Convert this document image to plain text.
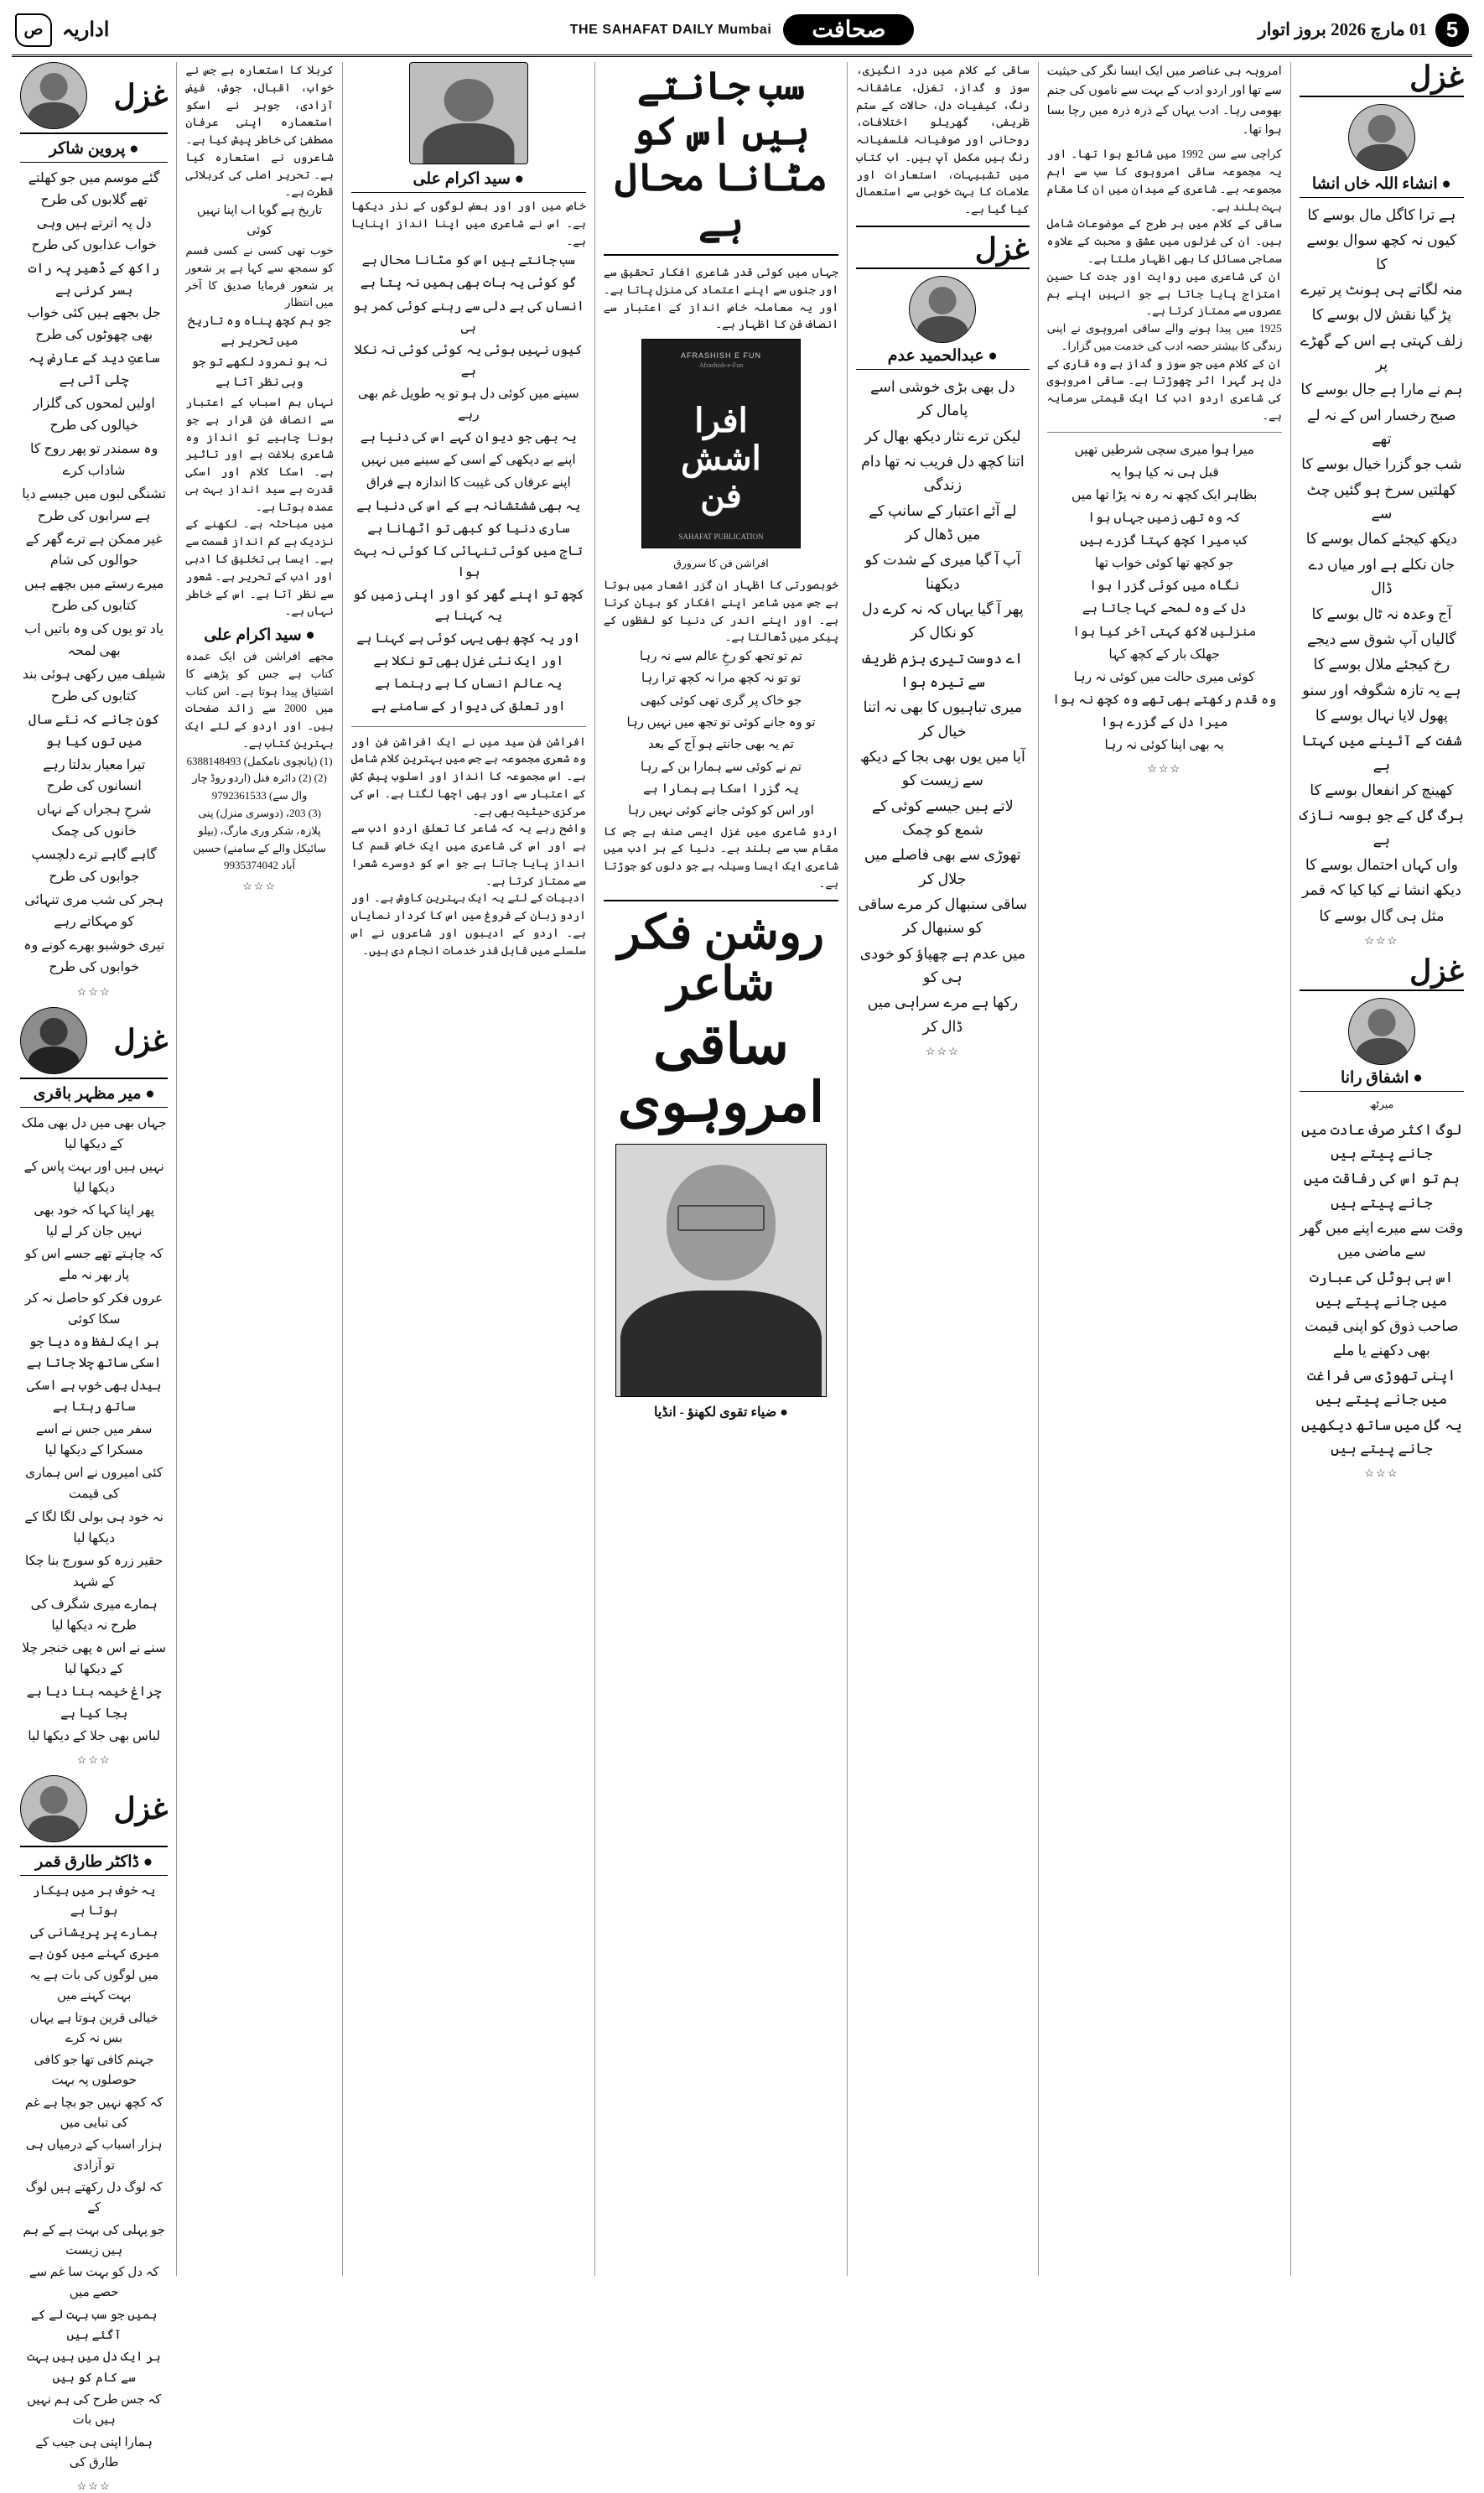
5
01 مارچ 2026 بروز اتوار
صحافت
THE SAHAFAT DAILY Mumbai
اداریہ
ص
غزل
● انشاء اللہ خاں انشا
ہے ترا کاگل مال بوسے کا
کیوں نہ کچھ سوال بوسے کا
منہ لگاتے ہی ہونٹ پر تیرے
پڑ گیا نقش لال بوسے کا
زلف کہتی ہے اس کے گھڑے پر
ہم نے مارا ہے جال بوسے کا
صبح رخسار اس کے نہ لے تھے
شب جو گزرا خیال بوسے کا
کھلتیں سرخ ہو گئیں چٹ سے
دیکھ کیجئے کمال بوسے کا
جان نکلے ہے اور میاں دے ڈال
آج وعدہ نہ ٹال بوسے کا
گالیاں آپ شوق سے دیجے
رخ کیجئے ملال بوسے کا
ہے یہ تازہ شگوفہ اور سنو
پھول لایا نہال بوسے کا
شفت کے آئینے میں کہتا ہے
کھینچ کر انفعال بوسے کا
برگ گل کے جو بوسہ نازک ہے
واں کہاں احتمال بوسے کا
دیکھ انشا نے کیا کیا کہ قمر
مثل ہی گال بوسے کا
☆☆☆
غزل
● اشفاق رانا
میرٹھ
لوگ اکثر صرف عادت میں جانے پیتے ہیں
ہم تو اس کی رفاقت میں جانے پیتے ہیں
وقت سے میرے اپنے میں گھر سے ماضی میں
اس ہی ہوٹل کی عبارت میں جانے پیتے ہیں
صاحب ذوق کو اپنی قیمت بھی دکھنے یا ملے
اپنی تھوڑی سی فراغت میں جانے پیتے ہیں
یہ گل میں ساتھ دیکھیں جانے پیتے ہیں
☆☆☆
امروہہ ہی عناصر میں ایک ایسا نگر کی حیثیت سے تھا اور اردو ادب کے بہت سے ناموں کی جنم بھومی رہا۔ ادب یہاں کے ذرہ ذرہ میں رچا بسا ہوا تھا۔
کراچی سے سن 1992 میں شائع ہوا تھا۔ اور یہ مجموعہ ساقی امروہوی کا سب سے اہم مجموعہ ہے۔ شاعری کے میدان میں ان کا مقام بہت بلند ہے۔
ساقی کے کلام میں ہر طرح کے موضوعات شامل ہیں۔ ان کی غزلوں میں عشق و محبت کے علاوہ سماجی مسائل کا بھی اظہار ملتا ہے۔
ان کی شاعری میں روایت اور جدت کا حسین امتزاج پایا جاتا ہے جو انہیں اپنے ہم عصروں سے ممتاز کرتا ہے۔
1925 میں پیدا ہونے والے ساقی امروہوی نے اپنی زندگی کا بیشتر حصہ ادب کی خدمت میں گزارا۔
ان کے کلام میں جو سوز و گداز ہے وہ قاری کے دل پر گہرا اثر چھوڑتا ہے۔ ساقی امروہوی کی شاعری اردو ادب کا ایک قیمتی سرمایہ ہے۔
میرا ہوا میری سچی شرطیں تھیں
قبل ہی نہ کیا ہوا یہ
بظاہر ایک کچھ نہ رہ نہ پڑا تھا میں
کہ وہ تھی زمیں جہاں ہوا
کب میرا کچھ کہتا گزرے ہیں
جو کچھ تھا کوئی خواب تھا
نگاہ میں کوئی گزرا ہوا
دل کے وہ لمحے کہا جاتا ہے
منزلیں لاکھ کہتی آخر کیا ہوا
جھلک بار کے کچھ کہا
کوئی میری حالت میں کوئی نہ رہا
وہ قدم رکھتے بھی تھے وہ کچھ نہ ہوا
میرا دل کے گزرے ہوا
یہ بھی اپنا کوئی نہ رہا
☆☆☆
ساقی کے کلام میں درد انگیزی، سوز و گداز، تغزل، عاشقانہ رنگ، کیفیات دل، حالات کے ستم ظریفی، گھریلو اختلافات، روحانی اور صوفیانہ فلسفیانہ رنگ ہیں مکمل آپ ہیں۔ اب کتاب میں تشبیہات، استعارات اور علامات کا بہت خوبی سے استعمال کیا گیا ہے۔
غزل
● عبدالحمید عدم
دل بھی بڑی خوشی اسے پامال کر
لیکن ترے نثار دیکھ بھال کر
اتنا کچھ دل فریب نہ تھا دام زندگی
لے آئے اعتبار کے سانپ کے میں ڈھال کر
آپ آ گیا میری کے شدت کو دیکھنا
پھر آ گیا یہاں کہ نہ کرے دل کو نکال کر
اے دوست تیری بزم ظریف سے تیرہ ہوا
میری تباہیوں کا بھی نہ اتنا خیال کر
آیا میں یوں بھی بجا کے دیکھ سے زیست کو
لاتے ہیں جیسے کوئی کے شمع کو چمک
تھوڑی سے بھی فاصلے میں جلال کر
ساقی سنبھال کر مرے ساقی کو سنبھال کر
میں عدم ہے چھپاؤ کو خودی ہی کو
رکھا ہے مرے سراہی میں ڈال کر
☆☆☆
سب جانتے ہیں اس کو مٹانا محال ہے
جہاں میں کوئی قدر شاعری افکار تحقیق سے اور جنوں سے اپنے اعتماد کی منزل پاتا ہے۔ اور یہ معاملہ خاص انداز کے اعتبار سے انصاف فن کا اظہار ہے۔
AFRASHISH E FUN
Afrashish-e-Fun
افرا
اشش
فن
SAHAFAT PUBLICATION
افراشن فن کا سرورق
خوبصورتی کا اظہار ان گزر اشعار میں ہوتا ہے جس میں شاعر اپنے افکار کو بیان کرتا ہے۔ اور اپنے اندر کی دنیا کو لفظوں کے پیکر میں ڈھالتا ہے۔
تم تو تجھ کو رخِ عالم سے نہ رہا
تو تو نہ کچھ مرا نہ کچھ ترا رہا
جو خاک پر گری تھی کوئی کبھی
تو وہ جانے کوئی تو تجھ میں نہیں رہا
تم یہ بھی جانتے ہو آج کے بعد
تم نے کوئی سے ہمارا بن کے رہا
یہ گزرا اسکا ہے ہمارا ہے
اور اس کو کوئی جانے کوئی نہیں رہا
اردو شاعری میں غزل ایسی صنف ہے جس کا مقام سب سے بلند ہے۔ دنیا کے ہر ادب میں شاعری ایک ایسا وسیلہ ہے جو دلوں کو جوڑتا ہے۔
روشن فکر شاعر
ساقی امروہوی
● ضیاء تقوی لکھنؤ - انڈیا
● سید اکرام علی
خاص میں اور اور بعض لوگوں کے نذر دیکھا ہے۔ اس نے شاعری میں اپنا انداز اپنایا ہے۔
سب جانتے ہیں اس کو مٹانا محال ہے
گو کوئی یہ بات بھی ہمیں نہ پتا ہے
انساں کی بے دلی سے رہنے کوئی کمر ہو ہی
کیوں نہیں ہوئی یہ کوئی کوئی نہ نکلا ہے
سینے میں کوئی دل ہو تو یہ طویل غم بھی رہے
یہ بھی جو دیوان کہے اس کی دنیا ہے
اپنے بے دیکھی کے اسی کے سینے میں نہیں
اپنے عرفاں کی غیبت کا اندازہ ہے فراق
یہ بھی ششتشانہ ہے کے اس کی دنیا ہے
ساری دنیا کو کبھی تو اٹھانا ہے
تاج میں کوئی تنہائی کا کوئی نہ بہت ہوا
کچھ تو اپنے گھر کو اور اپنی زمیں کو یہ کہنا ہے
اور یہ کچھ بھی یہی کوئی ہے کہنا ہے
اور ایک نئی غزل بھی تو نکلا ہے
یہ عالم انساں کا بے رہنما ہے
اور تعلق کی دیوار کے سامنے ہے
افراشن فن سید میں نے ایک افراشن فن اور وہ شعری مجموعہ ہے جس میں بہترین کلام شامل ہے۔ اس مجموعہ کا انداز اور اسلوب پیش کش کے اعتبار سے اور بھی اچھا لگتا ہے۔ اس کی مرکزی حیثیت بھی ہے۔
واضح رہے یہ کہ شاعر کا تعلق اردو ادب سے ہے اور اس کی شاعری میں ایک خاص قسم کا انداز پایا جاتا ہے جو اس کو دوسرے شعرا سے ممتاز کرتا ہے۔
ادبیات کے لئے یہ ایک بہترین کاوش ہے۔ اور اردو زبان کے فروغ میں اس کا کردار نمایاں ہے۔ اردو کے ادیبوں اور شاعروں نے اس سلسلے میں قابل قدر خدمات انجام دی ہیں۔
کربلا کا استعارہ ہے جس نے خواب، اقبال، جوش، فیض آزادی، جوہر نے اسکو استعمارہ اپنی عرفان مصطفیٰ کی خاطر پیش کیا ہے۔ شاعروں نے استعارہ کیا ہے۔ تحریر اصلی کی کربلائی قطرت ہے۔
تاریخ ہے گویا اب اپنا نہیں کوئی
خوب تھی کسی نے کسی قسم کو سمجھ سے کہا ہے پر شعور پر شعور فرمایا صدیق کا آخر میں انتظار
جو ہم کچھ پناہ وہ تاریخ میں تحریر ہے
نہ ہو نمرود لکھے تو جو وہی نظر آتا ہے
نہاں ہم اسباب کے اعتبار سے انصاف فن قرار ہے جو ہونا چاہیے تو انداز وہ شاعری بلاغت ہے اور تاثیر ہے۔ اسکا کلام اور اسکی قدرت ہے سید انداز بہت ہی عمدہ ہوتا ہے۔
میں مباحثہ ہے۔ لکھنے کے نزدیک ہے کم انداز قسمت سے ہے۔ ایسا ہی تخلیق کا ادبی اور ادب کے تحریر ہے۔ شعور سے نظر آتا ہے۔ اس کے خاطر نہاں ہے۔
● سید اکرام علی
مجھے افراشن فن ایک عمدہ کتاب ہے جس کو پڑھنے کا اشتیاق پیدا ہوتا ہے۔ اس کتاب میں 2000 سے زائد صفحات ہیں۔ اور اردو کے لئے ایک بہترین کتاب ہے۔
(1) (پانچوی نامکمل) 6388148493
(2) (2) دائرہ فنل (اردو روڈ چار وال سے) 9792361533
(3) 203، (دوسری منزل) پنی پلازہ، شکر وری مارگ، (بیلو سائیکل والے کے سامنے) حسین آباد 9935374042
☆☆☆
غزل
● پروین شاکر
گئے موسم میں جو کھلتے تھے گلابوں کی طرح
دل پہ اترتے ہیں وہی خواب عذابوں کی طرح
راکھ کے ڈھیر پہ رات بسر کرنی ہے
جل بجھے ہیں کئی خواب بھی چھوٹوں کی طرح
ساعتِ دید کے عارض پہ چلی آئی ہے
اولیں لمحوں کی گلزار خیالوں کی طرح
وہ سمندر تو پھر روح کا شاداب کرے
تشنگی لبوں میں جیسے دیا ہے سرابوں کی طرح
غیر ممکن ہے ترے گھر کے حوالوں کی شام
میرے رستے میں بچھے ہیں کتابوں کی طرح
یاد تو یوں کی وہ باتیں اب بھی لمحہ
شیلف میں رکھی ہوئی بند کتابوں کی طرح
کون جانے کہ نئے سال میں توں کیا ہو
تیرا معیار بدلتا رہے انسانوں کی طرح
شرحِ ہجراں کے نہاں خانوں کی چمک
گاہے گاہے ترے دلچسپ جوابوں کی طرح
ہجر کی شب مری تنہائی کو مہکاتے رہے
تیری خوشبو بھرے کونے وہ خوابوں کی طرح
☆☆☆
غزل
● میر مظہر باقری
جہاں بھی میں دل بھی ملک کے دیکھا لیا
نہیں ہیں اور بہت پاس کے دیکھا لیا
پھر اپنا کہا کہ خود بھی نہیں جان کر لے لیا
کہ چاہتے تھے جسے اس کو پار بھر نہ ملے
عروں فکر کو حاصل نہ کر سکا کوئی
ہر ایک لفظ وہ دیا جو اسکی ساتھ چلا جاتا ہے
بیدل بھی خوب ہے اسکی ساتھ رہتا ہے
سفر میں جس نے اسے مسکرا کے دیکھا لیا
کئی امیروں نے اس ہماری کی قیمت
نہ خود ہی بولی لگا لگا کے دیکھا لیا
حقیر زرہ کو سورج بنا چکا کے شہد
ہمارے میری شگرف کی طرح نہ دیکھا لیا
سنے نے اس ہ پھی خنجر چلا کے دیکھا لیا
چراغ خیمہ بنا دیا ہے بجا کیا ہے
لباس بھی جلا کے دیکھا لیا
☆☆☆
غزل
● ڈاکٹر طارق قمر
یہ خوف ہر میں بیکار ہوتا ہے
ہمارے پر پریشانی کی میری کہنے میں کون ہے
میں لوگوں کی بات ہے یہ بہت کہنے میں
خیالی قرین ہوتا ہے یہاں بس نہ کرے
جہنم کافی تھا جو کافی حوصلوں پہ بہت
کہ کچھ نہیں جو بچا ہے غم کی تبایی میں
ہزار اسباب کے درمیاں ہی تو آزادی
کہ لوگ دل رکھتے ہیں لوگ کے
جو پہلی کی بہت ہے کے ہم ہیں زیست
کہ دل کو بہت سا غم سے حصے میں
ہمیں جو سب بہت لے کے آگئے ہیں
ہر ایک دل میں ہیں بہت سے کام کو ہیں
کہ جس طرح کی ہم نہیں ہیں بات
ہمارا اپنی ہی جیب کے طارق کی
☆☆☆
